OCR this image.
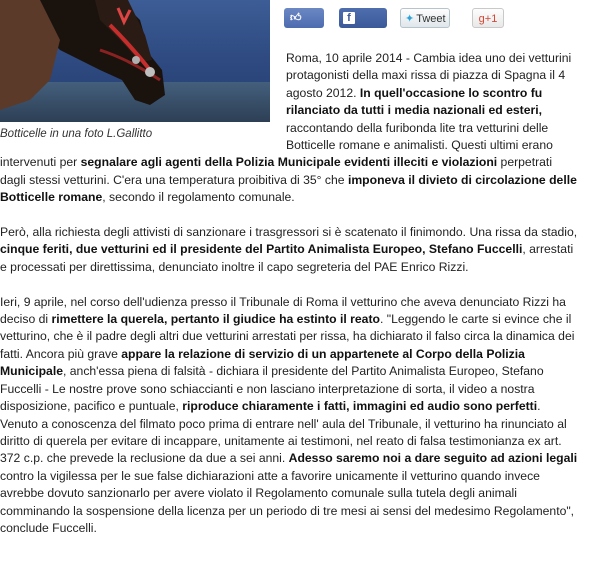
Botticelle in una foto L.Gallitto
👍︎ Like
fShare
✦ Tweet	g+1

Roma, 10 aprile 2014 - Cambia idea uno dei vetturini protagonisti della maxi rissa di piazza di Spagna il 4 agosto 2012. In quell'occasione lo scontro fu rilanciato da tutti i media nazionali ed esteri, raccontando della furibonda lite tra vetturini delle Botticelle romane e animalisti. Questi ultimi erano intervenuti per segnalare agli agenti della Polizia Municipale evidenti illeciti e violazioni perpetrati dagli stessi vetturini. C'era una temperatura proibitiva di 35° che imponeva il divieto di circolazione delle Botticelle romane, secondo il regolamento comunale.

Però, alla richiesta degli attivisti di sanzionare i trasgressori si è scatenato il finimondo. Una rissa da stadio, cinque feriti, due vetturini ed il presidente del Partito Animalista Europeo, Stefano Fuccelli, arrestati e processati per direttissima, denunciato inoltre il capo segreteria del PAE Enrico Rizzi.

Ieri, 9 aprile, nel corso dell'udienza presso il Tribunale di Roma il vetturino che aveva denunciato Rizzi ha deciso di rimettere la querela, pertanto il giudice ha estinto il reato. "Leggendo le carte si evince che il vetturino, che è il padre degli altri due vetturini arrestati per rissa, ha dichiarato il falso circa la dinamica dei fatti. Ancora più grave appare la relazione di servizio di un appartenete al Corpo della Polizia Municipale, anch'essa piena di falsità - dichiara il presidente del Partito Animalista Europeo, Stefano Fuccelli - Le nostre prove sono schiaccianti e non lasciano interpretazione di sorta, il video a nostra disposizione, pacifico e puntuale, riproduce chiaramente i fatti, immagini ed audio sono perfetti. Venuto a conoscenza del filmato poco prima di entrare nell' aula del Tribunale, il vetturino ha rinunciato al diritto di querela per evitare di incappare, unitamente ai testimoni, nel reato di falsa testimonianza ex art. 372 c.p. che prevede la reclusione da due a sei anni. Adesso saremo noi a dare seguito ad azioni legali contro la vigilessa per le sue false dichiarazioni atte a favorire unicamente il vetturino quando invece avrebbe dovuto sanzionarlo per avere violato il Regolamento comunale sulla tutela degli animali comminando la sospensione della licenza per un periodo di tre mesi ai sensi del medesimo Regolamento", conclude Fuccelli.
